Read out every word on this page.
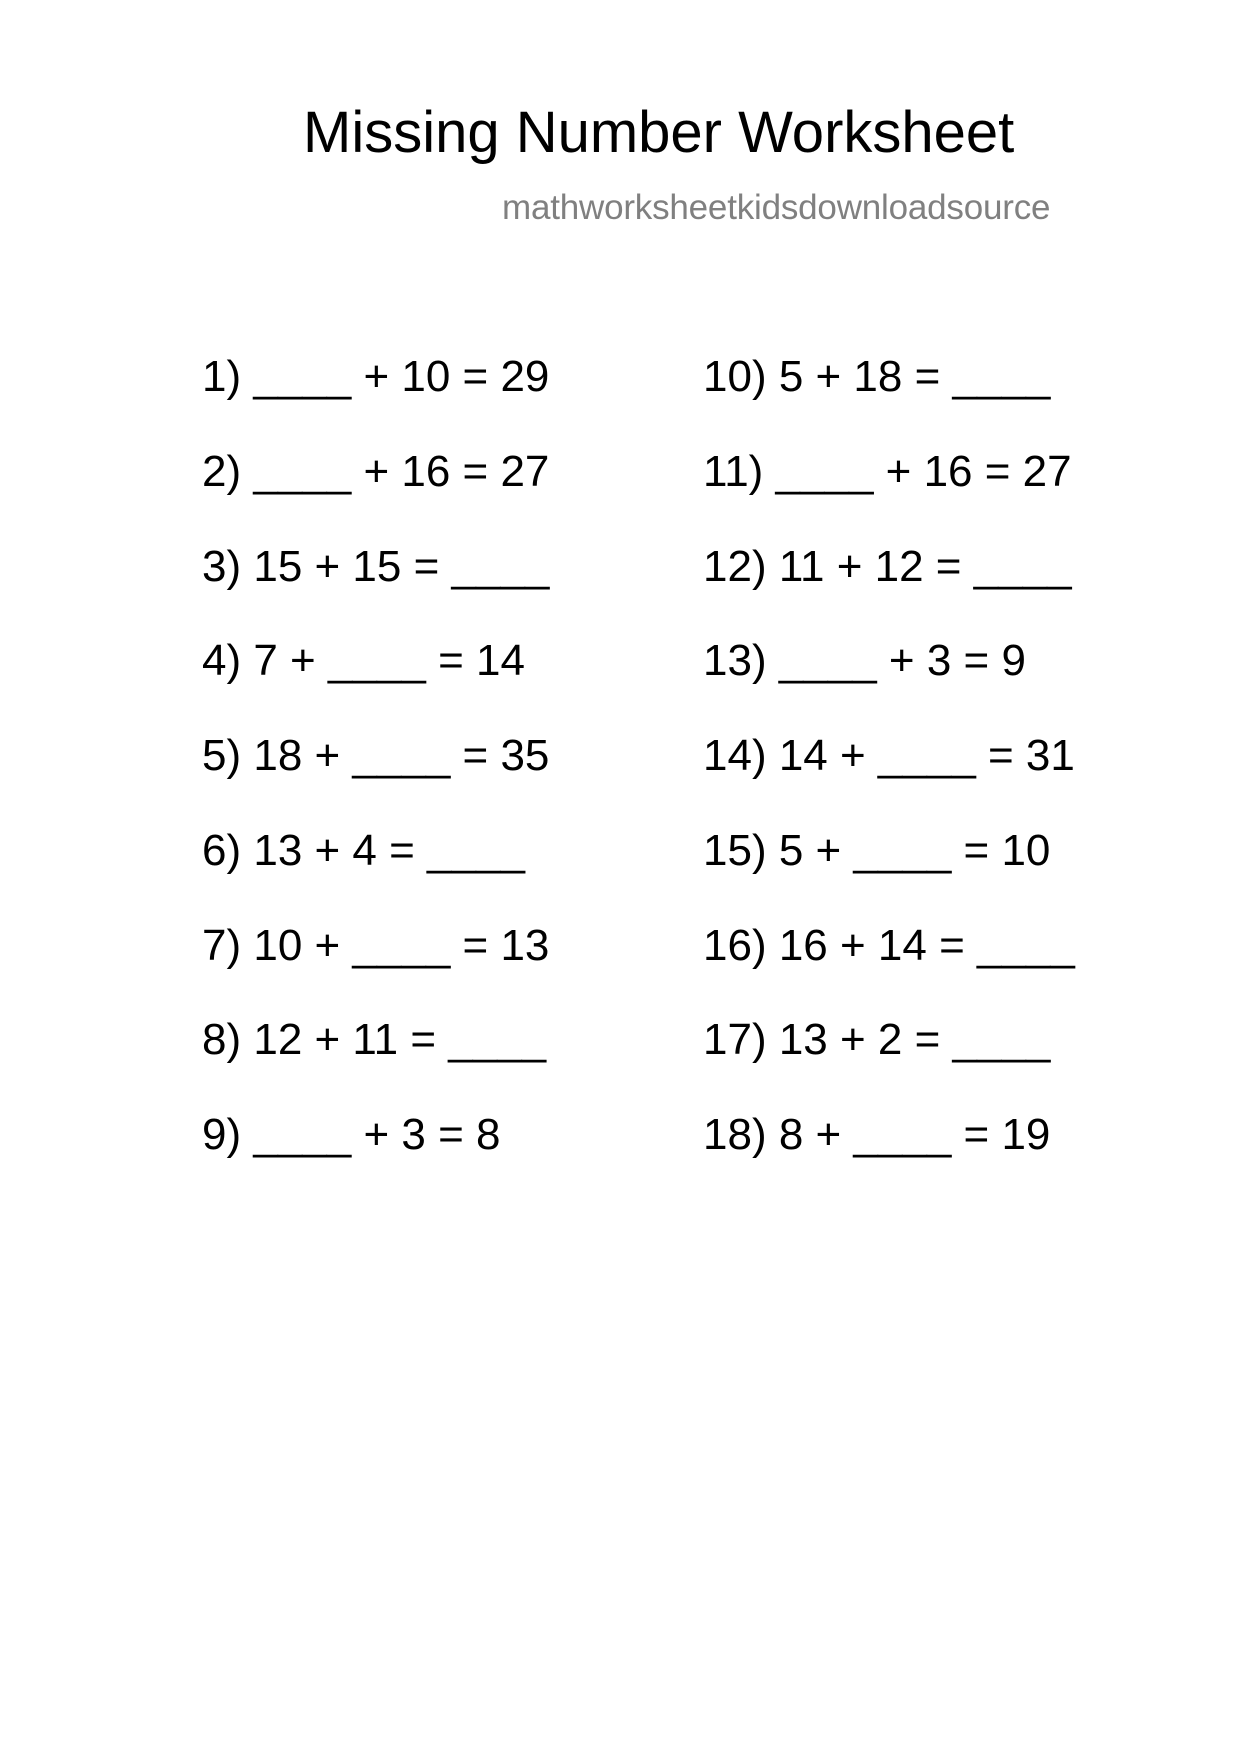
Missing Number Worksheet
mathworksheetkidsdownloadsource
1) ____ + 10 = 29
2) ____ + 16 = 27
3) 15 + 15 = ____
4) 7 + ____ = 14
5) 18 + ____ = 35
6) 13 + 4 = ____
7) 10 + ____ = 13
8) 12 + 11 = ____
9) ____ + 3 = 8
10) 5 + 18 = ____
11) ____ + 16 = 27
12) 11 + 12 = ____
13) ____ + 3 = 9
14) 14 + ____ = 31
15) 5 + ____ = 10
16) 16 + 14 = ____
17) 13 + 2 = ____
18) 8 + ____ = 19
